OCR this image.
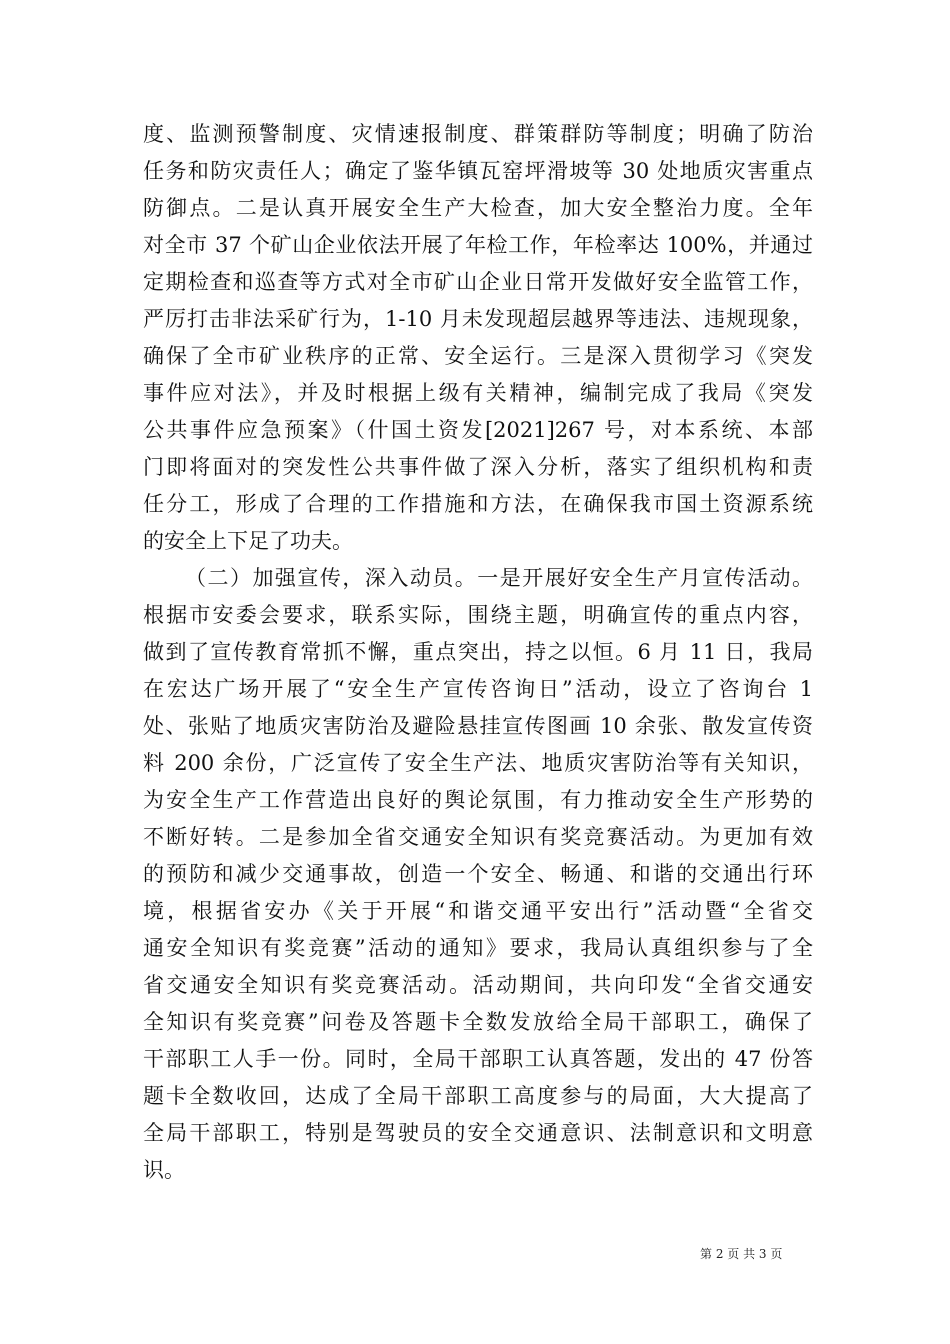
度、监测预警制度、灾情速报制度、群策群防等制度；明确了防治
任务和防灾责任人；确定了鉴华镇瓦窑坪滑坡等 30 处地质灾害重点
防御点。二是认真开展安全生产大检查，加大安全整治力度。全年
对全市 37 个矿山企业依法开展了年检工作，年检率达 100%，并通过
定期检查和巡查等方式对全市矿山企业日常开发做好安全监管工作，
严厉打击非法采矿行为，1-10 月未发现超层越界等违法、违规现象，
确保了全市矿业秩序的正常、安全运行。三是深入贯彻学习《突发
事件应对法》，并及时根据上级有关精神，编制完成了我局《突发
公共事件应急预案》（什国土资发[2021]267 号，对本系统、本部
门即将面对的突发性公共事件做了深入分析，落实了组织机构和责
任分工，形成了合理的工作措施和方法，在确保我市国土资源系统
的安全上下足了功夫。
（二）加强宣传，深入动员。一是开展好安全生产月宣传活动。
根据市安委会要求，联系实际，围绕主题，明确宣传的重点内容，
做到了宣传教育常抓不懈，重点突出，持之以恒。6 月 11 日，我局
在宏达广场开展了“安全生产宣传咨询日”活动，设立了咨询台 1
处、张贴了地质灾害防治及避险悬挂宣传图画 10 余张、散发宣传资
料 200 余份，广泛宣传了安全生产法、地质灾害防治等有关知识，
为安全生产工作营造出良好的舆论氛围，有力推动安全生产形势的
不断好转。二是参加全省交通安全知识有奖竞赛活动。为更加有效
的预防和减少交通事故，创造一个安全、畅通、和谐的交通出行环
境，根据省安办《关于开展“和谐交通平安出行”活动暨“全省交
通安全知识有奖竞赛”活动的通知》要求，我局认真组织参与了全
省交通安全知识有奖竞赛活动。活动期间，共向印发“全省交通安
全知识有奖竞赛”问卷及答题卡全数发放给全局干部职工，确保了
干部职工人手一份。同时，全局干部职工认真答题，发出的 47 份答
题卡全数收回，达成了全局干部职工高度参与的局面，大大提高了
全局干部职工，特别是驾驶员的安全交通意识、法制意识和文明意
识。
第 2 页 共 3 页
